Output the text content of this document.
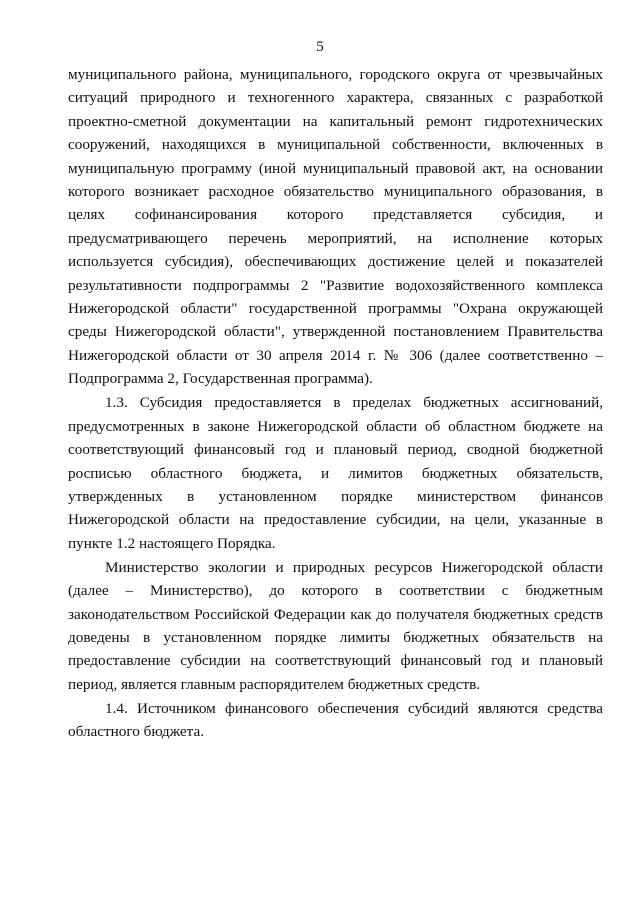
5

муниципального района, муниципального, городского округа от чрезвычайных ситуаций природного и техногенного характера, связанных с разработкой проектно-сметной документации на капитальный ремонт гидротехнических сооружений, находящихся в муниципальной собственности, включенных в муниципальную программу (иной муниципальный правовой акт, на основании которого возникает расходное обязательство муниципального образования, в целях софинансирования которого представляется субсидия, и предусматривающего перечень мероприятий, на исполнение которых используется субсидия), обеспечивающих достижение целей и показателей результативности подпрограммы 2 "Развитие водохозяйственного комплекса Нижегородской области" государственной программы "Охрана окружающей среды Нижегородской области", утвержденной постановлением Правительства Нижегородской области от 30 апреля 2014 г. № 306 (далее соответственно – Подпрограмма 2, Государственная программа).

1.3. Субсидия предоставляется в пределах бюджетных ассигнований, предусмотренных в законе Нижегородской области об областном бюджете на соответствующий финансовый год и плановый период, сводной бюджетной росписью областного бюджета, и лимитов бюджетных обязательств, утвержденных в установленном порядке министерством финансов Нижегородской области на предоставление субсидии, на цели, указанные в пункте 1.2 настоящего Порядка.

Министерство экологии и природных ресурсов Нижегородской области (далее – Министерство), до которого в соответствии с бюджетным законодательством Российской Федерации как до получателя бюджетных средств доведены в установленном порядке лимиты бюджетных обязательств на предоставление субсидии на соответствующий финансовый год и плановый период, является главным распорядителем бюджетных средств.

1.4. Источником финансового обеспечения субсидий являются средства областного бюджета.
